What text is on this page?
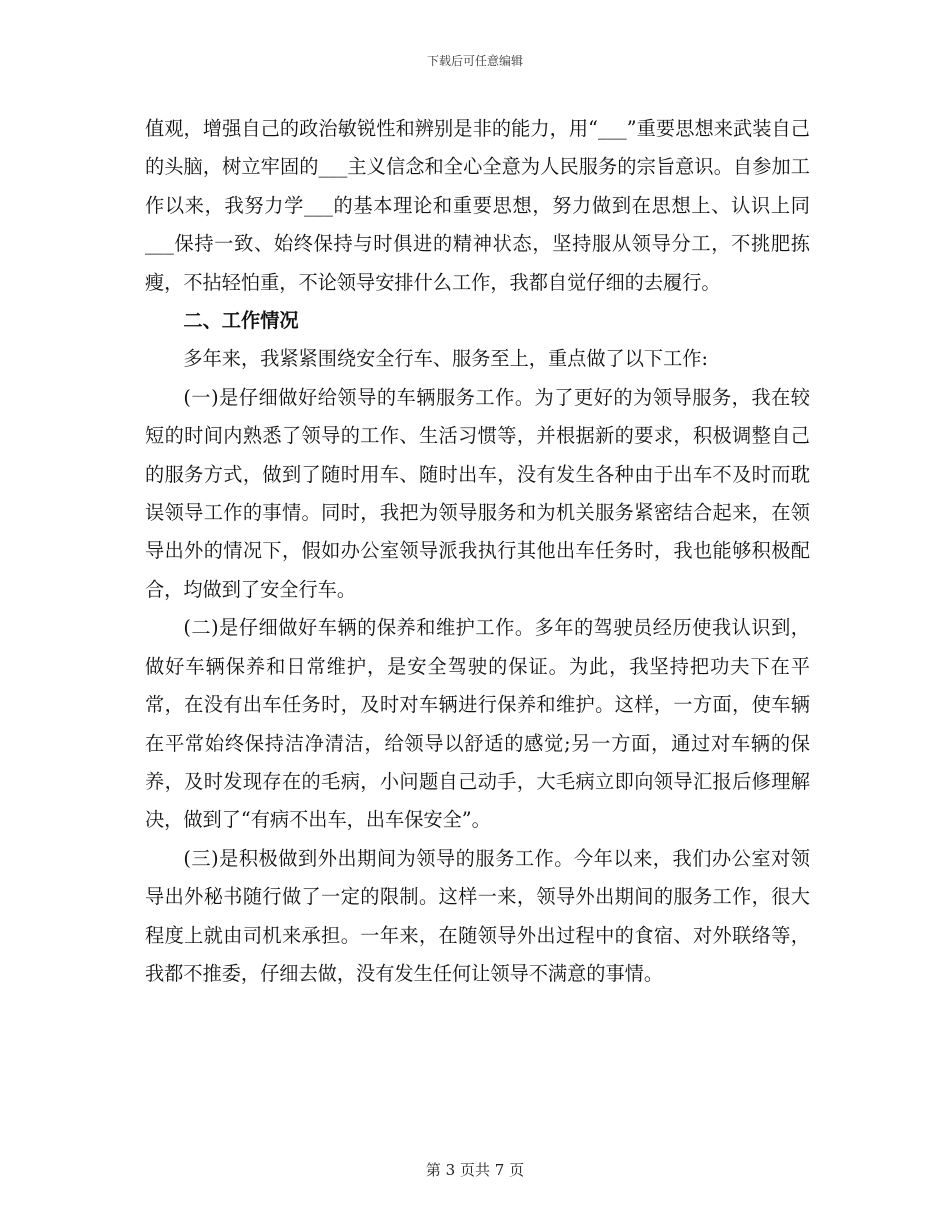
下载后可任意编辑

值观，增强自己的政治敏锐性和辨别是非的能力，用“___”重要思想来武装自己的头脑，树立牢固的___主义信念和全心全意为人民服务的宗旨意识。自参加工作以来，我努力学___的基本理论和重要思想，努力做到在思想上、认识上同___保持一致、始终保持与时俱进的精神状态，坚持服从领导分工，不挑肥拣瘦，不拈轻怕重，不论领导安排什么工作，我都自觉仔细的去履行。

二、工作情况

多年来，我紧紧围绕安全行车、服务至上，重点做了以下工作:

(一)是仔细做好给领导的车辆服务工作。为了更好的为领导服务，我在较短的时间内熟悉了领导的工作、生活习惯等，并根据新的要求，积极调整自己的服务方式，做到了随时用车、随时出车，没有发生各种由于出车不及时而耽误领导工作的事情。同时，我把为领导服务和为机关服务紧密结合起来，在领导出外的情况下，假如办公室领导派我执行其他出车任务时，我也能够积极配合，均做到了安全行车。

(二)是仔细做好车辆的保养和维护工作。多年的驾驶员经历使我认识到，做好车辆保养和日常维护，是安全驾驶的保证。为此，我坚持把功夫下在平常，在没有出车任务时，及时对车辆进行保养和维护。这样，一方面，使车辆在平常始终保持洁净清洁，给领导以舒适的感觉;另一方面，通过对车辆的保养，及时发现存在的毛病，小问题自己动手，大毛病立即向领导汇报后修理解决，做到了“有病不出车，出车保安全”。

(三)是积极做到外出期间为领导的服务工作。今年以来，我们办公室对领导出外秘书随行做了一定的限制。这样一来，领导外出期间的服务工作，很大程度上就由司机来承担。一年来，在随领导外出过程中的食宿、对外联络等，我都不推委，仔细去做，没有发生任何让领导不满意的事情。

第 3 页共 7 页
